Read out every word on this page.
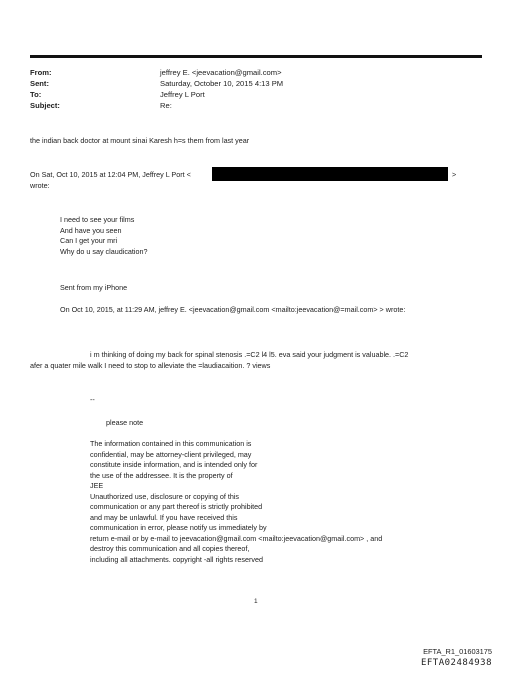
From:	jeffrey E. <jeevacation@gmail.com>
Sent:	Saturday, October 10, 2015 4:13 PM
To:	Jeffrey L Port
Subject:	Re:
the indian back doctor at mount sinai Karesh h=s them from last year
On Sat, Oct 10, 2015 at 12:04 PM, Jeffrey L Port <	>
wrote:
I need to see your films
And have you seen
Can I get your mri
Why do u say claudication?
Sent from my iPhone
On Oct 10, 2015, at 11:29 AM, jeffrey E. <jeevacation@gmail.com <mailto:jeevacation@=mail.com> > wrote:
i m thinking of doing my back for spinal stenosis .=C2 l4 l5. eva said your judgment is valuable. .=C2
afer a quater mile walk I need to stop to alleviate the =laudiacaition. ? views
--
please note
The information contained in this communication is
confidential, may be attorney-client privileged, may
constitute inside information, and is intended only for
the use of the addressee. It is the property of
JEE
Unauthorized use, disclosure or copying of this
communication or any part thereof is strictly prohibited
and may be unlawful. If you have received this
communication in error, please notify us immediately by
return e-mail or by e-mail to jeevacation@gmail.com <mailto:jeevacation@gmail.com> , and
destroy this communication and all copies thereof,
including all attachments. copyright -all rights reserved
1
EFTA_R1_01603175
EFTA02484938
